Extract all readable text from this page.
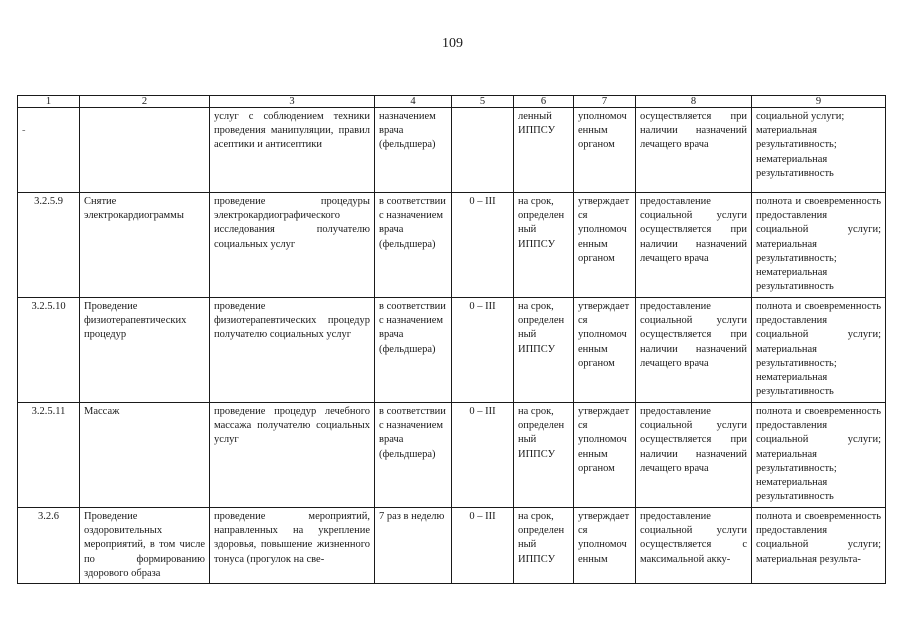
109
1	2	3	4	5	6	7	8	9

-		услуг с соблюдением техники проведения манипуляции, правил асептики и антисептики	назначением врача (фельдшера)		ленный ИППСУ	уполномоченным органом	осуществляется при наличии назначений лечащего врача	социальной услуги; материальная результативность; нематериальная результативность
3.2.5.9	Снятие электрокардиограммы	проведение процедуры электрокардиографического исследования получателю социальных услуг	в соответствии с назначением врача (фельдшера)	0 – III	на срок, определенный ИППСУ	утверждается уполномоченным органом	предоставление социальной услуги осуществляется при наличии назначений лечащего врача	полнота и своевременность предоставления социальной услуги; материальная результативность; нематериальная результативность
3.2.5.10	Проведение физиотерапевтических процедур	проведение физиотерапевтических процедур получателю социальных услуг	в соответствии с назначением врача (фельдшера)	0 – III	на срок, определенный ИППСУ	утверждается уполномоченным органом	предоставление социальной услуги осуществляется при наличии назначений лечащего врача	полнота и своевременность предоставления социальной услуги; материальная результативность; нематериальная результативность
3.2.5.11	Массаж	проведение процедур лечебного массажа получателю социальных услуг	в соответствии с назначением врача (фельдшера)	0 – III	на срок, определенный ИППСУ	утверждается уполномоченным органом	предоставление социальной услуги осуществляется при наличии назначений лечащего врача	полнота и своевременность предоставления социальной услуги; материальная результативность; нематериальная результативность
3.2.6	Проведение оздоровительных мероприятий, в том числе по формированию здорового образа	проведение мероприятий, направленных на укрепление здоровья, повышение жизненного тонуса (прогулок на све-	7 раз в неделю	0 – III	на срок, определенный ИППСУ	утверждается уполномоченным	предоставление социальной услуги осуществляется с максимальной акку-	полнота и своевременность предоставления социальной услуги; материальная результа-
